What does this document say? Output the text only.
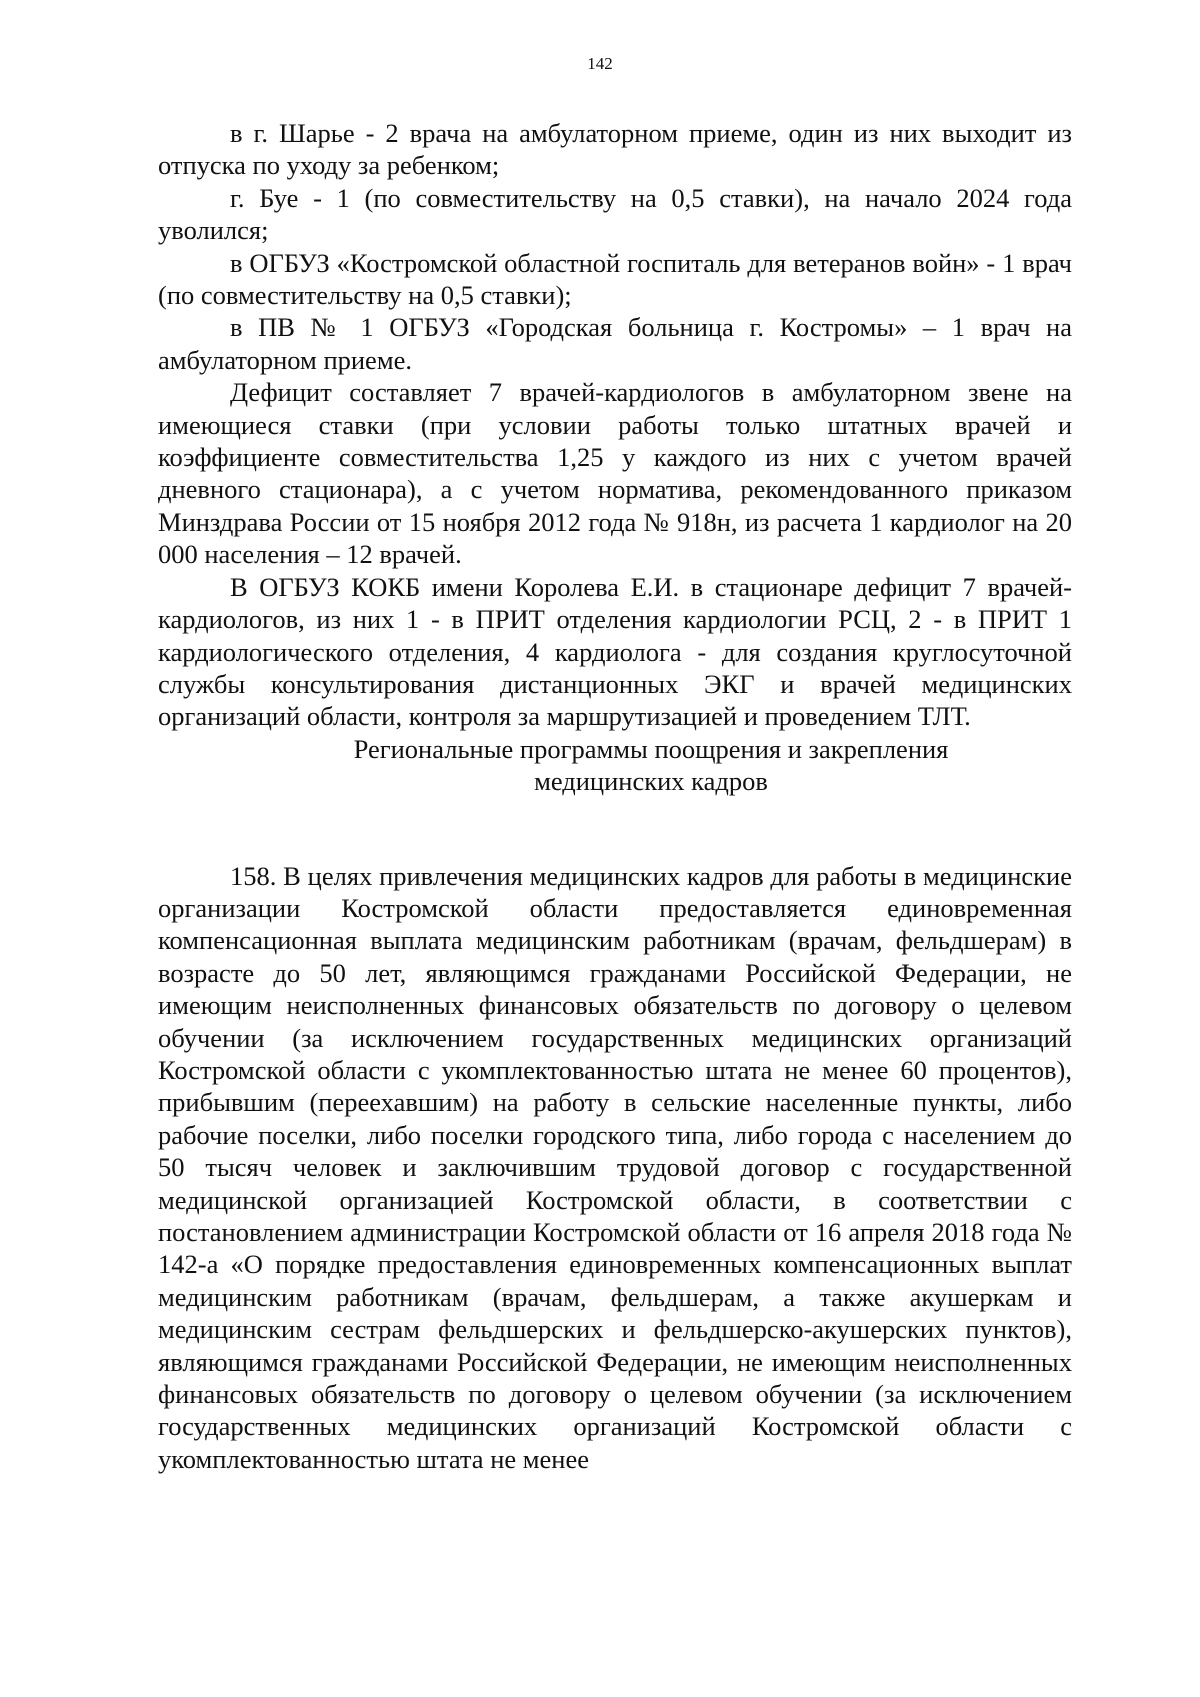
142

в г. Шарье - 2 врача на амбулаторном приеме, один из них выходит из отпуска по уходу за ребенком;

г. Буе - 1 (по совместительству на 0,5 ставки), на начало 2024 года уволился;

в ОГБУЗ «Костромской областной госпиталь для ветеранов войн» - 1 врач (по совместительству на 0,5 ставки);

в ПВ № 1 ОГБУЗ «Городская больница г. Костромы» – 1 врач на амбулаторном приеме.

Дефицит составляет 7 врачей-кардиологов в амбулаторном звене на имеющиеся ставки (при условии работы только штатных врачей и коэффициенте совместительства 1,25 у каждого из них с учетом врачей дневного стационара), а с учетом норматива, рекомендованного приказом Минздрава России от 15 ноября 2012 года № 918н, из расчета 1 кардиолог на 20 000 населения – 12 врачей.

В ОГБУЗ КОКБ имени Королева Е.И. в стационаре дефицит 7 врачей-кардиологов, из них 1 - в ПРИТ отделения кардиологии РСЦ, 2 - в ПРИТ 1 кардиологического отделения, 4 кардиолога - для создания круглосуточной службы консультирования дистанционных ЭКГ и врачей медицинских организаций области, контроля за маршрутизацией и проведением ТЛТ.

Региональные программы поощрения и закрепления
медицинских кадров

158. В целях привлечения медицинских кадров для работы в медицинские организации Костромской области предоставляется единовременная компенсационная выплата медицинским работникам (врачам, фельдшерам) в возрасте до 50 лет, являющимся гражданами Российской Федерации, не имеющим неисполненных финансовых обязательств по договору о целевом обучении (за исключением государственных медицинских организаций Костромской области с укомплектованностью штата не менее 60 процентов), прибывшим (переехавшим) на работу в сельские населенные пункты, либо рабочие поселки, либо поселки городского типа, либо города с населением до 50 тысяч человек и заключившим трудовой договор с государственной медицинской организацией Костромской области, в соответствии с постановлением администрации Костромской области от 16 апреля 2018 года № 142-а «О порядке предоставления единовременных компенсационных выплат медицинским работникам (врачам, фельдшерам, а также акушеркам и медицинским сестрам фельдшерских и фельдшерско-акушерских пунктов), являющимся гражданами Российской Федерации, не имеющим неисполненных финансовых обязательств по договору о целевом обучении (за исключением государственных медицинских организаций Костромской области с укомплектованностью штата не менее
